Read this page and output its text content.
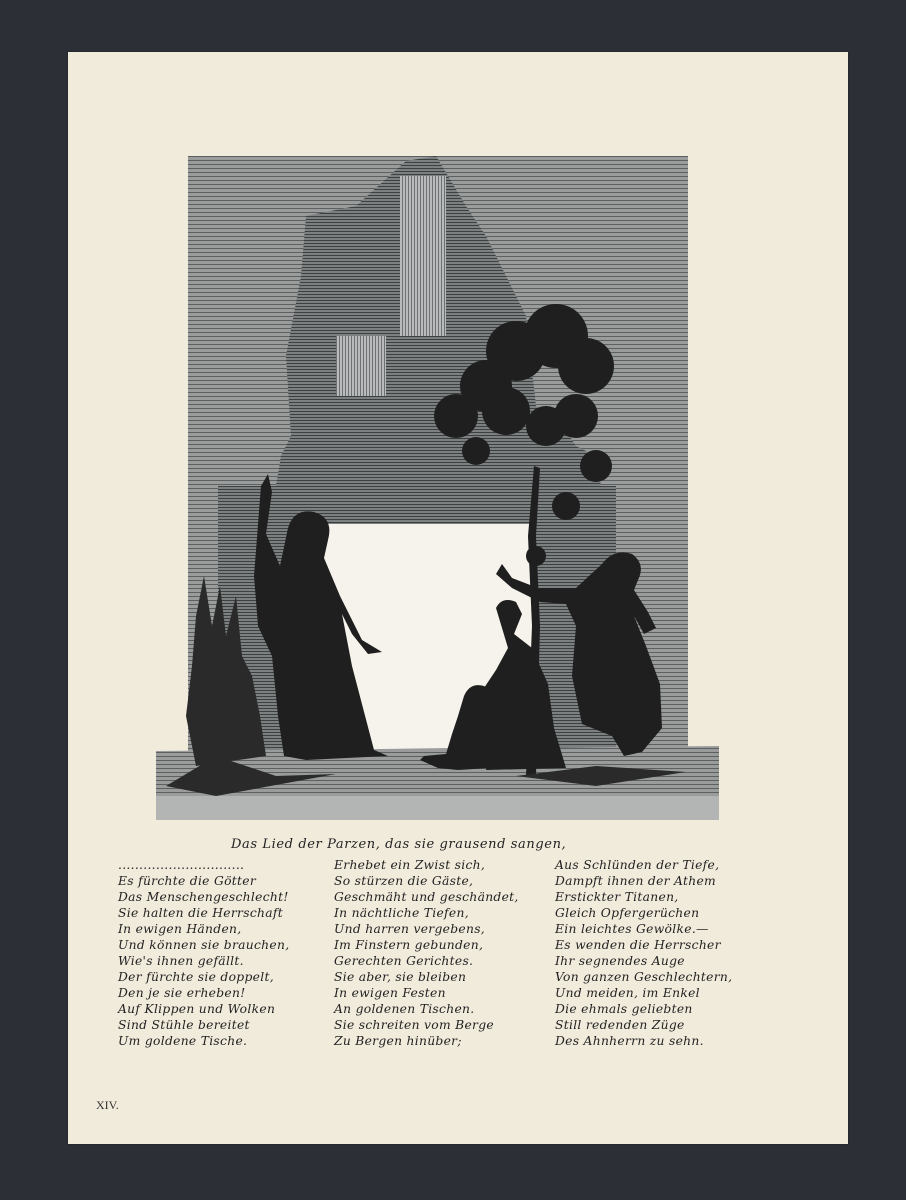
Das Lied der Parzen, das sie grausend sangen,
..............................
Es fürchte die Götter
Das Menschengeschlecht!
Sie halten die Herrschaft
In ewigen Händen,
Und können sie brauchen,
Wie's ihnen gefällt.
Der fürchte sie doppelt,
Den je sie erheben!
Auf Klippen und Wolken
Sind Stühle bereitet
Um goldene Tische.
Erhebet ein Zwist sich,
So stürzen die Gäste,
Geschmäht und geschändet,
In nächtliche Tiefen,
Und harren vergebens,
Im Finstern gebunden,
Gerechten Gerichtes.
Sie aber, sie bleiben
In ewigen Festen
An goldenen Tischen.
Sie schreiten vom Berge
Zu Bergen hinüber;
Aus Schlünden der Tiefe,
Dampft ihnen der Athem
Erstickter Titanen,
Gleich Opfergerüchen
Ein leichtes Gewölke.—
Es wenden die Herrscher
Ihr segnendes Auge
Von ganzen Geschlechtern,
Und meiden, im Enkel
Die ehmals geliebten
Still redenden Züge
Des Ahnherrn zu sehn.
XIV.
